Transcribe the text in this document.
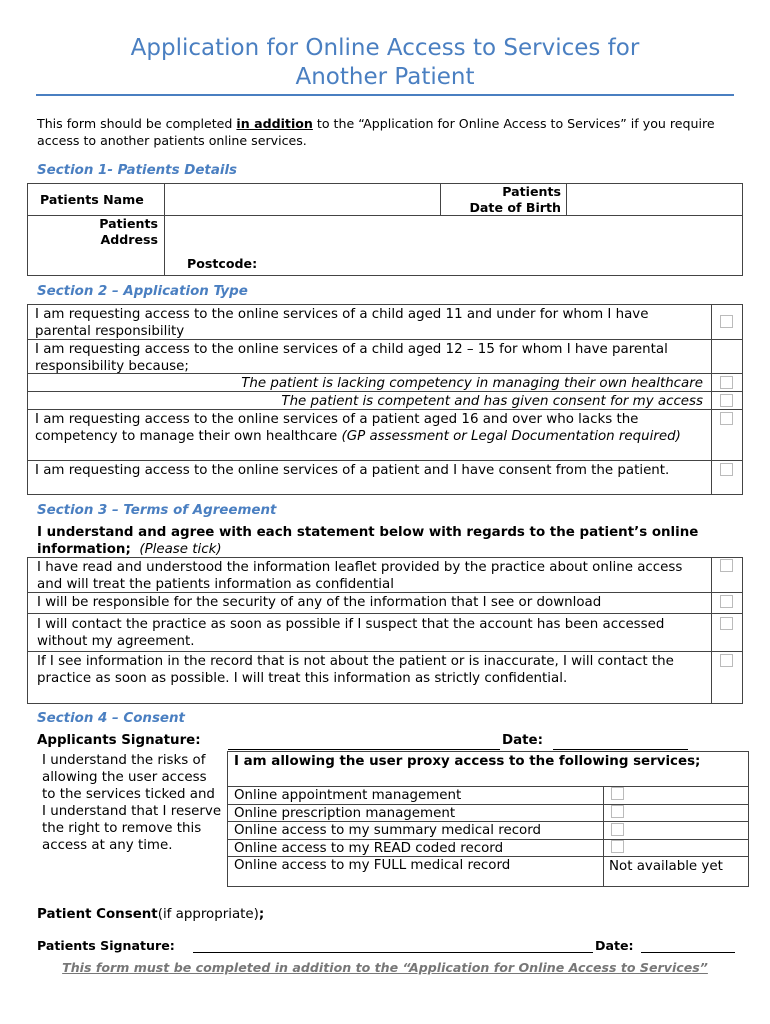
Application for Online Access to Services for
Another Patient
This form should be completed in addition to the “Application for Online Access to Services” if you require access to another patients online services.
Section 1- Patients Details
Patients Name
Patients
Date of Birth
Patients
Address
Postcode:
Section 2 – Application Type
I am requesting access to the online services of a child aged 11 and under for whom I have parental responsibility
I am requesting access to the online services of a child aged 12 – 15 for whom I have parental responsibility because;
The patient is lacking competency in managing their own healthcare
The patient is competent and has given consent for my access
I am requesting access to the online services of a patient aged 16 and over who lacks the competency to manage their own healthcare (GP assessment or Legal Documentation required)
I am requesting access to the online services of a patient and I have consent from the patient.
Section 3 – Terms of Agreement
I understand and agree with each statement below with regards to the patient’s online information; (Please tick)
I have read and understood the information leaflet provided by the practice about online access and will treat the patients information as confidential
I will be responsible for the security of any of the information that I see or download
I will contact the practice as soon as possible if I suspect that the account has been accessed without my agreement.
If I see information in the record that is not about the patient or is inaccurate, I will contact the practice as soon as possible. I will treat this information as strictly confidential.
Section 4 – Consent
Applicants Signature:	Date:
I understand the risks of allowing the user access to the services ticked and I understand that I reserve the right to remove this access at any time.
I am allowing the user proxy access to the following services;
Online appointment management
Online prescription management
Online access to my summary medical record
Online access to my READ coded record
Online access to my FULL medical record	Not available yet
Patient Consent(if appropriate);
Patients Signature:	Date:
This form must be completed in addition to the “Application for Online Access to Services”
